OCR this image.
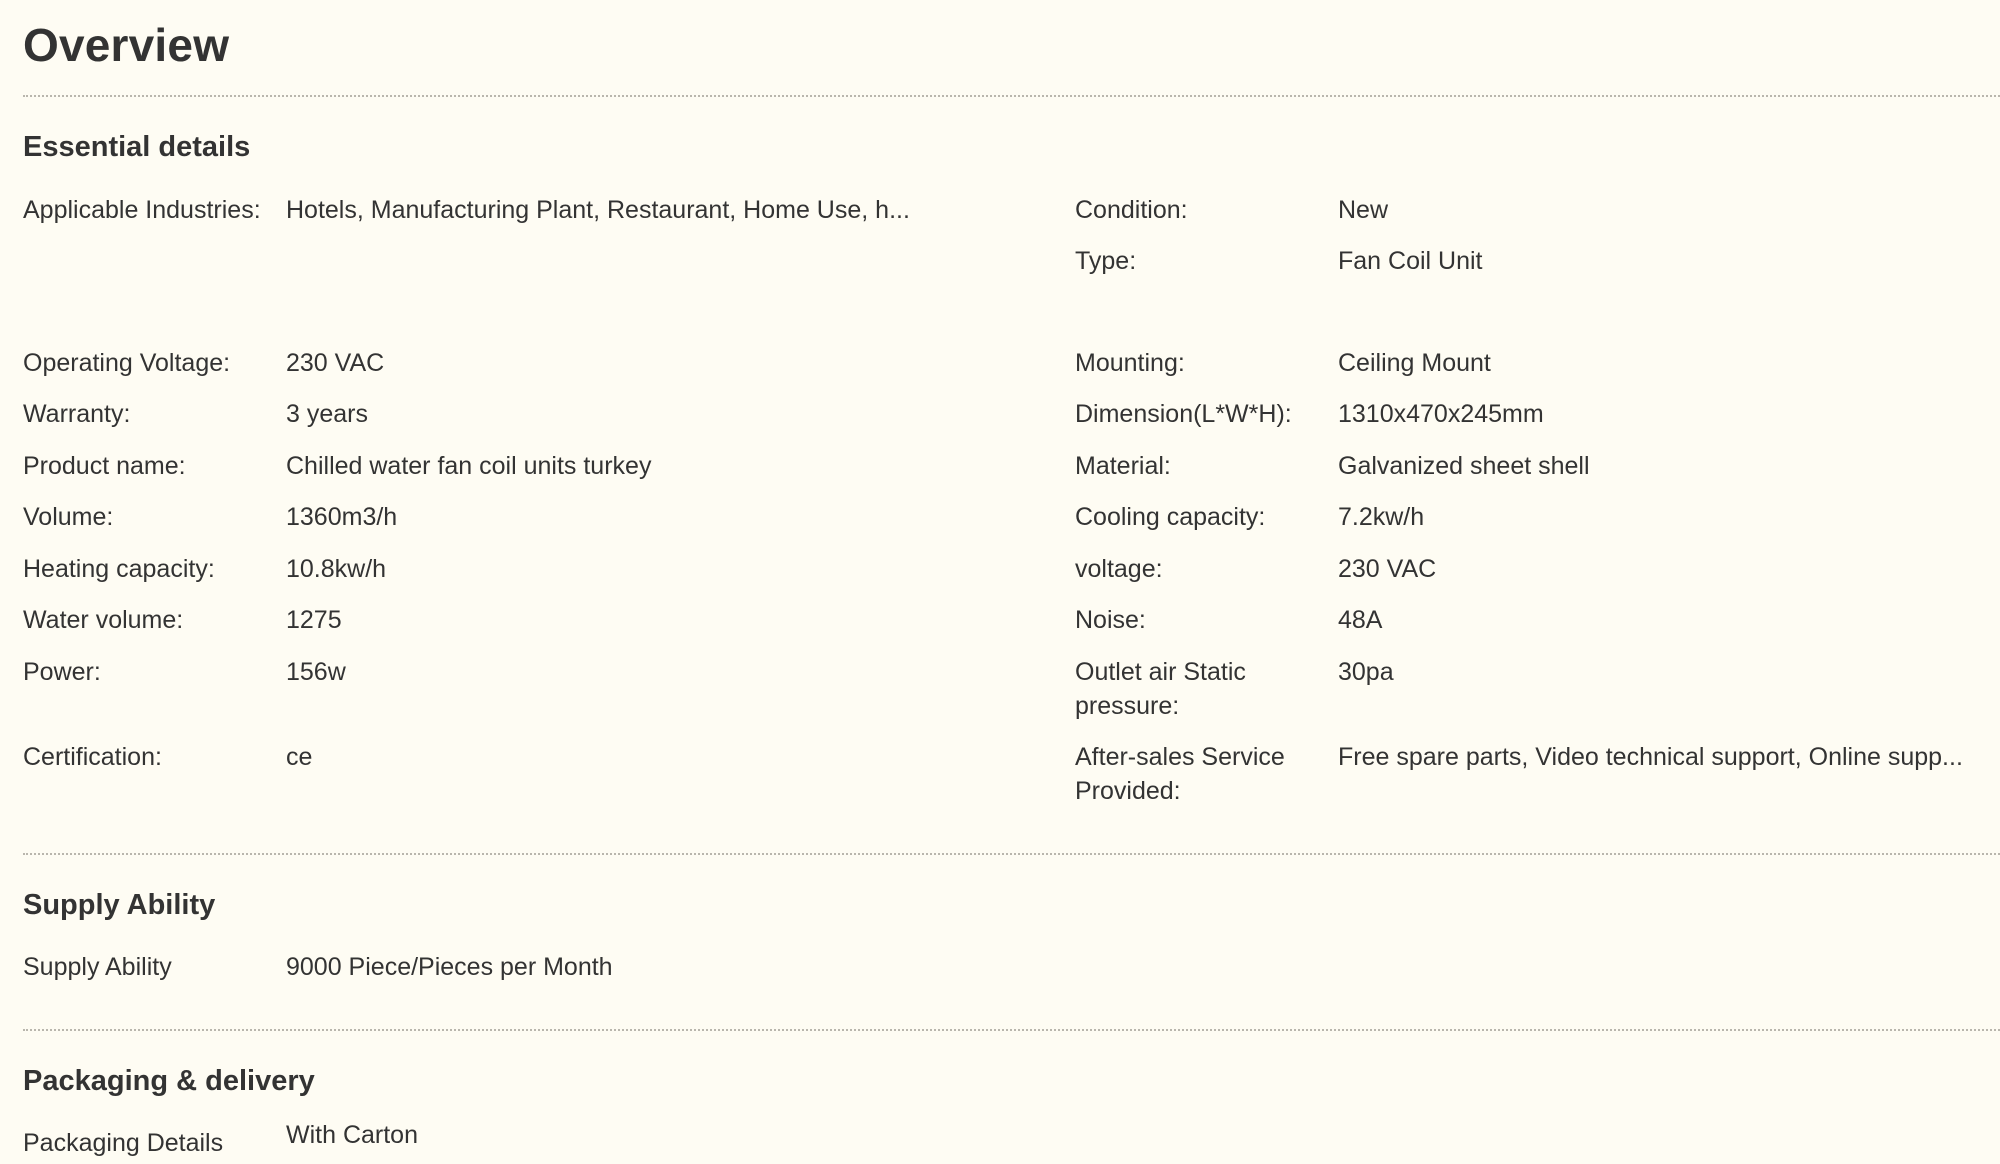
Overview
Essential details
Applicable Industries: Hotels, Manufacturing Plant, Restaurant, Home Use, h...
Operating Voltage:	230 VAC
Warranty:	3 years
Product name:	Chilled water fan coil units turkey
Volume:	1360m3/h
Heating capacity:	10.8kw/h
Water volume:	1275
Power:	156w
Certification:	ce
Condition:	New
Type:	Fan Coil Unit
Mounting:	Ceiling Mount
Dimension(L*W*H):	1310x470x245mm
Material:	Galvanized sheet shell
Cooling capacity:	7.2kw/h
voltage:	230 VAC
Noise:	48A
Outlet air Static pressure:
30pa
After-sales Service Provided:
Free spare parts, Video technical support, Online supp...
Supply Ability
Supply Ability	9000 Piece/Pieces per Month
Packaging & delivery
Packaging Details	With Carton
